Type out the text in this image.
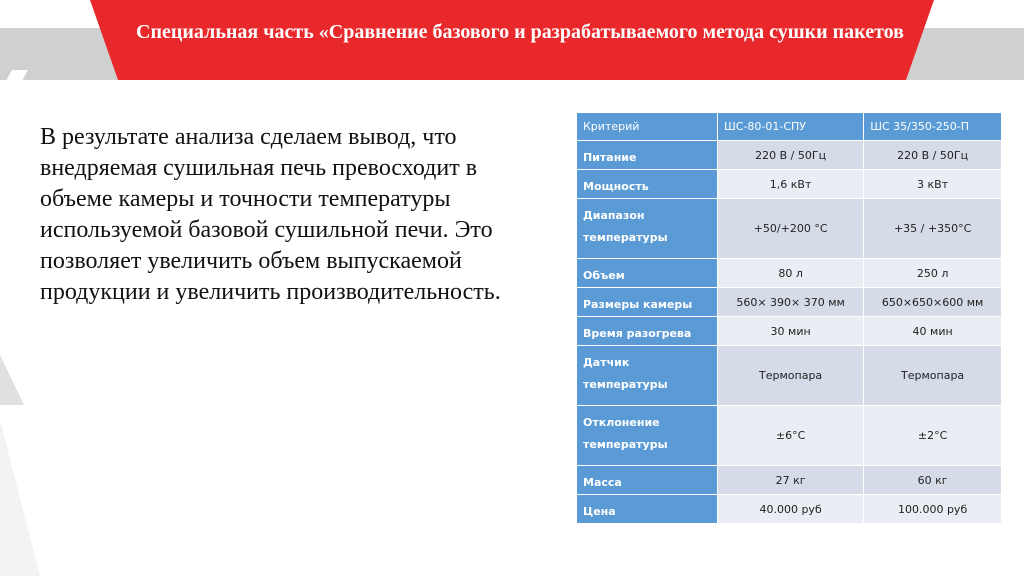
Специальная часть «Сравнение базового и разрабатываемого метода сушки пакетов статора»
В результате анализа сделаем вывод, что внедряемая сушильная печь превосходит в объеме камеры и точности температуры используемой базовой сушильной печи. Это позволяет увеличить объем выпускаемой продукции и увеличить производительность.
Критерий	ШС-80-01-СПУ	ШС 35/350-250-П
Питание	220 В / 50Гц	220 В / 50Гц
Мощность	1,6 кВт	3 кВт
Диапазон температуры	+50/+200 °С	+35 / +350°С
Объем	80 л	250 л
Размеры камеры	560× 390× 370 мм	650×650×600 мм
Время разогрева	30 мин	40 мин
Датчик температуры	Термопара	Термопара
Отклонение температуры	±6°С	±2°С
Масса	27 кг	60 кг
Цена	40.000 руб	100.000 руб
